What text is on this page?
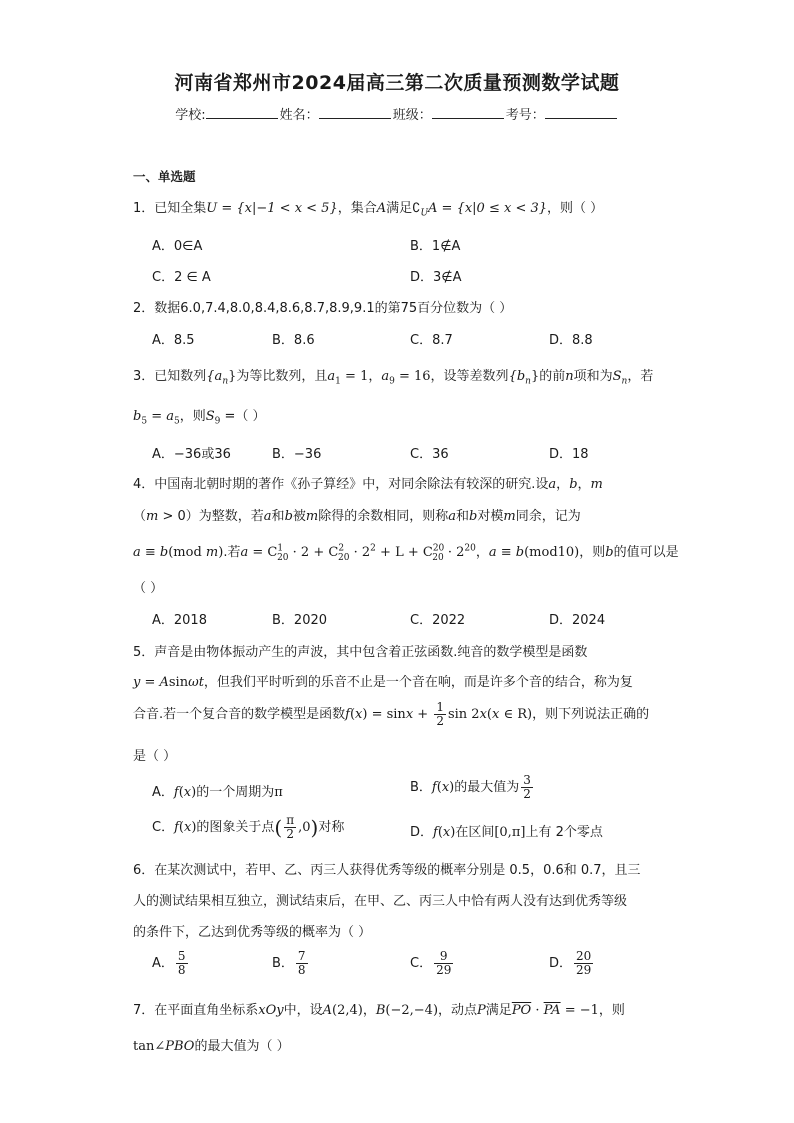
河南省郑州市2024届高三第二次质量预测数学试题
学校:	姓名：	班级：	考号：
一、单选题
1．已知全集U = {x|−1 < x < 5}，集合A满足$∁_UA = \{x|0 \le x < 3\}$，则（ ）
A．0∈A	B．1∉A
C．2 ∈ A	D．3∉A
2．数据6.0,7.4,8.0,8.4,8.6,8.7,8.9,9.1的第75百分位数为（ ）
A．8.5	B．8.6	C．8.7	D．8.8
3．已知数列$\{a_n\}$为等比数列，且$a_1 = 1$，$a_9 = 16$，设等差数列$\{b_n\}$的前n项和为$S_n$，若
$b_5 = a_5$，则$S_9$ =（ ）
A．−36或36	B．−36	C．36	D．18
4．中国南北朝时期的著作《孙子算经》中，对同余除法有较深的研究.设a，b，m
（m > 0）为整数，若a和b被m除得的余数相同，则称a和b对模m同余，记为
a ≡ b(mod m).若$a = C^1_{20} \cdot 2 + C^2_{20} \cdot 2^2 + L + C^{20}_{20} \cdot 2^{20}$，a ≡ b(mod10)，则b的值可以是
（ ）
A．2018	B．2020	C．2022	D．2024
5．声音是由物体振动产生的声波，其中包含着正弦函数.纯音的数学模型是函数
y = Asinωt，但我们平时听到的乐音不止是一个音在响，而是许多个音的结合，称为复
合音.若一个复合音的数学模型是函数$f(x) = \sin x + \frac{1}{2}$ sin 2x(x ∈ R)，则下列说法正确的
是（ ）
A．f(x)的一个周期为π	B．f(x)的最大值为 $\frac{3}{2}$
C．f(x)的图象关于点( $\frac{\pi}{2} ,0$)对称	D．f(x)在区间[0,π]上有 2个零点
6．在某次测试中，若甲、乙、丙三人获得优秀等级的概率分别是 0.5，0.6和 0.7，且三
人的测试结果相互独立，测试结束后，在甲、乙、丙三人中恰有两人没有达到优秀等级
的条件下，乙达到优秀等级的概率为（ ）
A． $\frac{5}{8}$	B． $\frac{7}{8}$	C． $\frac{9}{29}$	D． $\frac{20}{29}$
7．在平面直角坐标系xOy中，设A(2,4)，B(−2,−4)，动点P满足$\overline{PO} \cdot \overline{PA} = -1$，则
tan∠PBO的最大值为（ ）
